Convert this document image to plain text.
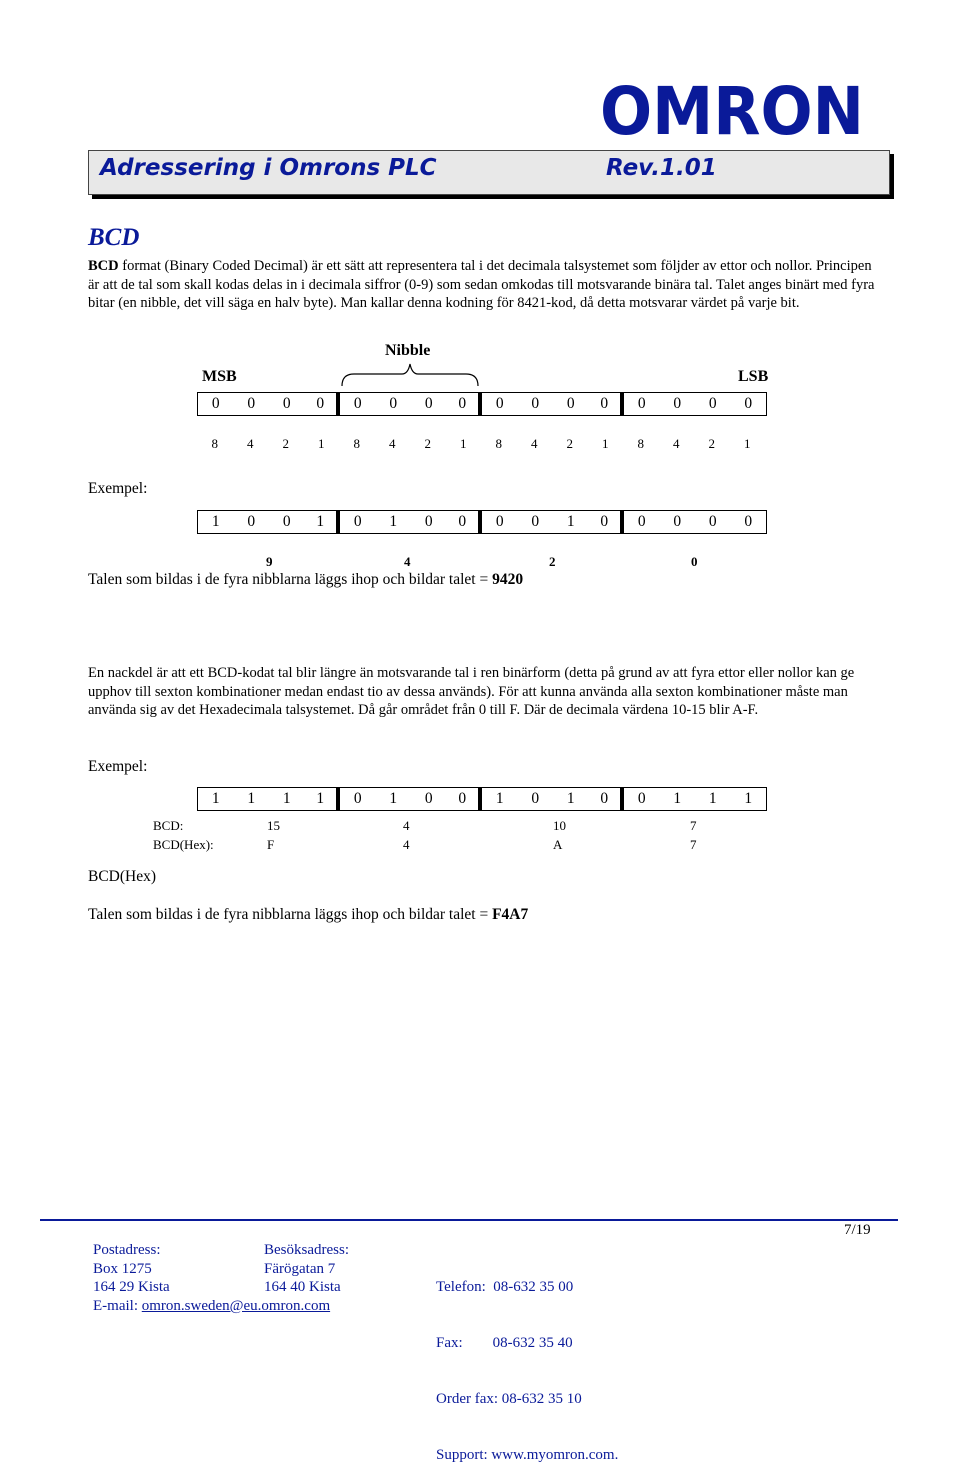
OMRON
Adressering i Omrons PLC	Rev.1.01
BCD
BCD format (Binary Coded Decimal) är ett sätt att representera tal i det decimala talsystemet som följder av ettor och nollor. Principen är att de tal som skall kodas delas in i decimala siffror (0-9) som sedan omkodas till motsvarande binära tal. Talet anges binärt med fyra bitar (en nibble, det vill säga en halv byte). Man kallar denna kodning för 8421-kod, då detta motsvarar värdet på varje bit.
Nibble
MSB	LSB
0	0	0	0	0	0	0	0	0	0	0	0	0	0	0	0
8	4	2	1	8	4	2	1	8	4	2	1	8	4	2	1
Exempel:
1	0	0	1	0	1	0	0	0	0	1	0	0	0	0	0
9	4	2	0
Talen som bildas i de fyra nibblarna läggs ihop och bildar talet = 9420
En nackdel är att ett BCD-kodat tal blir längre än motsvarande tal i ren binärform (detta på grund av att fyra ettor eller nollor kan ge upphov till sexton kombinationer medan endast tio av dessa används). För att kunna använda alla sexton kombinationer måste man använda sig av det Hexadecimala talsystemet. Då går området från 0 till F. Där de decimala värdena 10-15 blir A-F.
Exempel:
1	1	1	1	0	1	0	0	1	0	1	0	0	1	1	1
BCD:	15	4	10	7
BCD(Hex):	F	4	A	7
BCD(Hex)
Talen som bildas i de fyra nibblarna läggs ihop och bildar talet = F4A7
7/19
Postadress:
Box 1275
164 29 Kista
E-mail: omron.sweden@eu.omron.com
Besöksadress:
Färögatan 7
164 40 Kista

	Telefon:  08-632 35 00

Fax:        08-632 35 40

Order fax: 08-632 35 10

Support: www.myomron.com.
